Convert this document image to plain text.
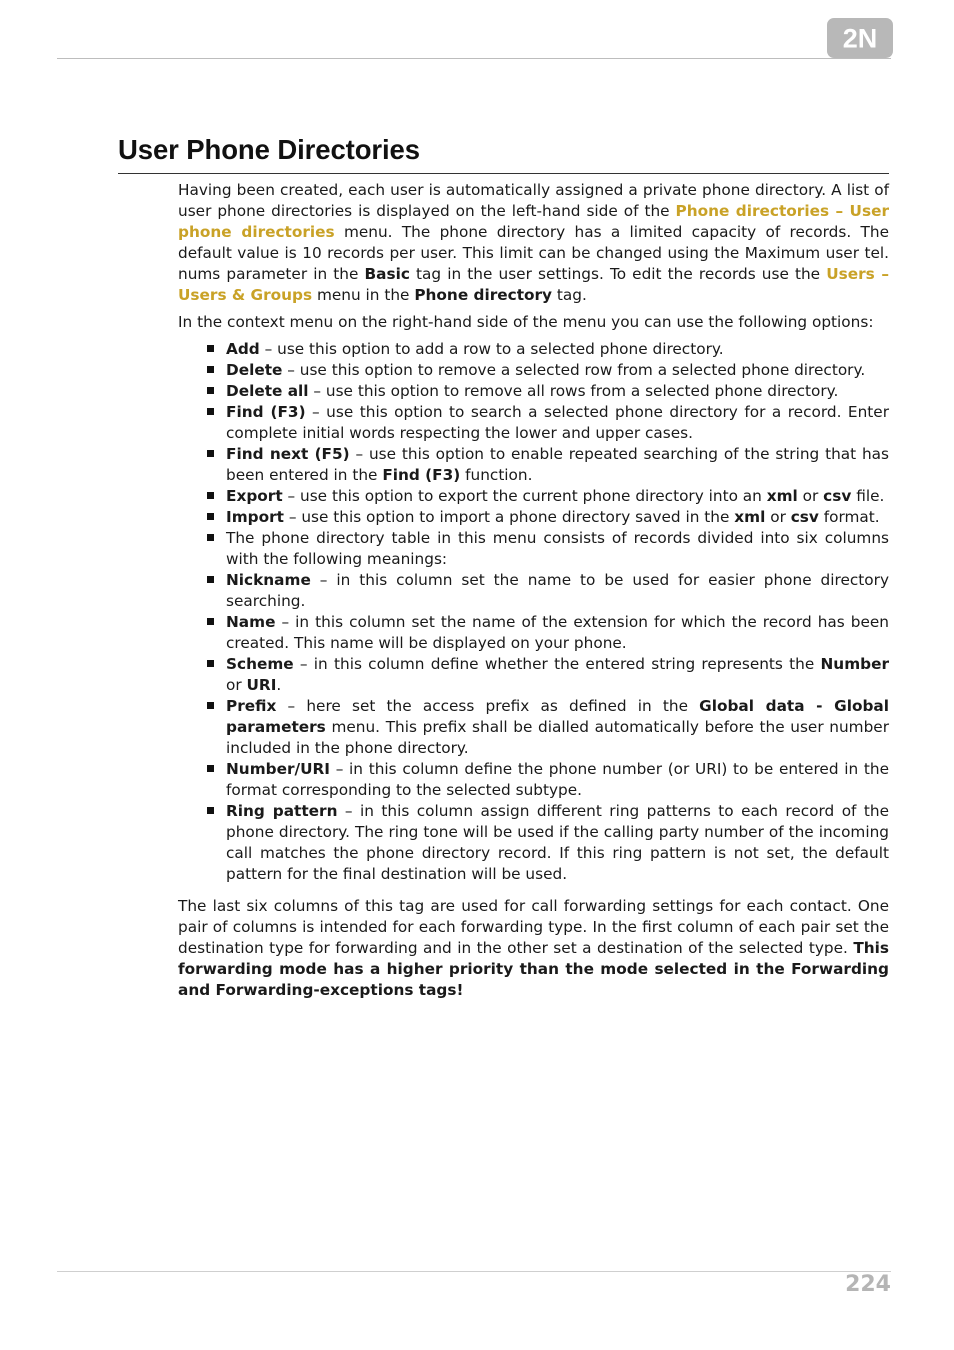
2N
User Phone Directories

Having been created, each user is automatically assigned a private phone directory. A list of user phone directories is displayed on the left-hand side of the Phone directories – User phone directories menu. The phone directory has a limited capacity of records. The default value is 10 records per user. This limit can be changed using the Maximum user tel. nums parameter in the Basic tag in the user settings. To edit the records use the Users – Users & Groups menu in the Phone directory tag.

In the context menu on the right-hand side of the menu you can use the following options:

Add – use this option to add a row to a selected phone directory.
Delete – use this option to remove a selected row from a selected phone directory.
Delete all – use this option to remove all rows from a selected phone directory.
Find (F3) – use this option to search a selected phone directory for a record. Enter complete initial words respecting the lower and upper cases.
Find next (F5) – use this option to enable repeated searching of the string that has been entered in the Find (F3) function.
Export – use this option to export the current phone directory into an xml or csv file.
Import – use this option to import a phone directory saved in the xml or csv format.
The phone directory table in this menu consists of records divided into six columns with the following meanings:
Nickname – in this column set the name to be used for easier phone directory searching.
Name – in this column set the name of the extension for which the record has been created. This name will be displayed on your phone.
Scheme – in this column define whether the entered string represents the Number or URI.
Prefix – here set the access prefix as defined in the Global data - Global parameters menu. This prefix shall be dialled automatically before the user number included in the phone directory.
Number/URI – in this column define the phone number (or URI) to be entered in the format corresponding to the selected subtype.
Ring pattern – in this column assign different ring patterns to each record of the phone directory. The ring tone will be used if the calling party number of the incoming call matches the phone directory record. If this ring pattern is not set, the default pattern for the final destination will be used.

The last six columns of this tag are used for call forwarding settings for each contact. One pair of columns is intended for each forwarding type. In the first column of each pair set the destination type for forwarding and in the other set a destination of the selected type. This forwarding mode has a higher priority than the mode selected in the Forwarding and Forwarding-exceptions tags!

224
